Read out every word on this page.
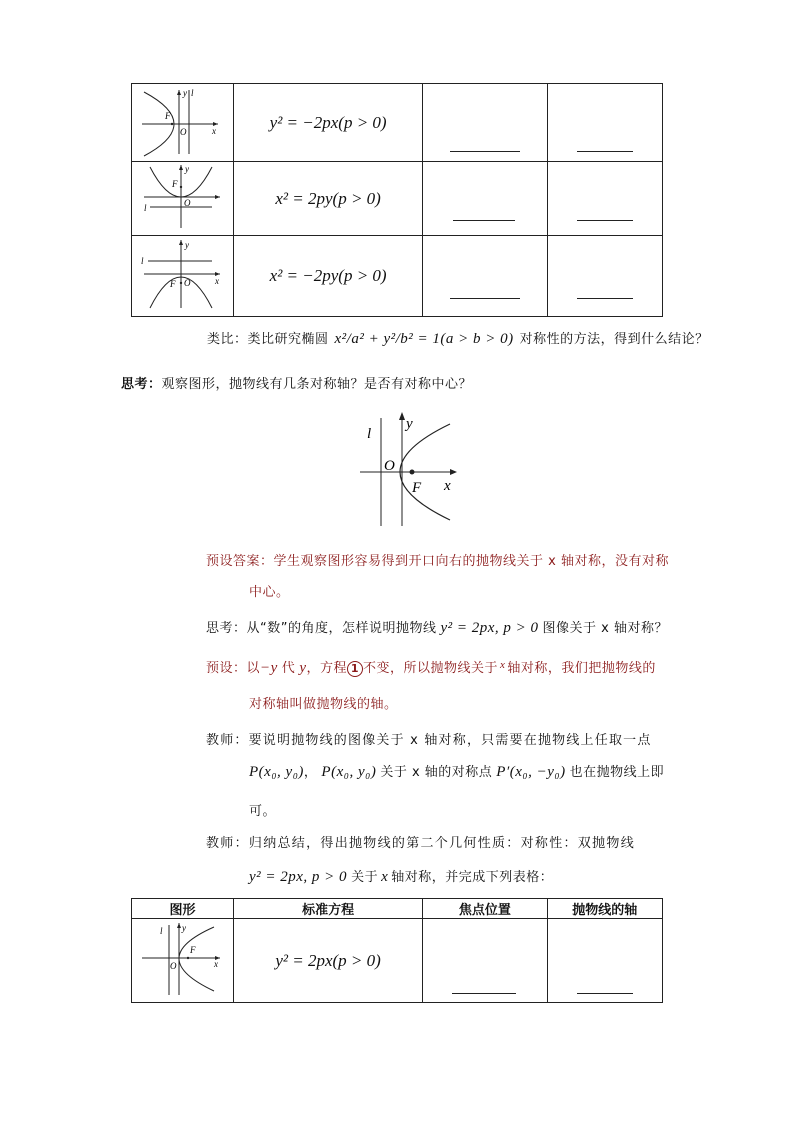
y l
F
O x	y² = −2px(p > 0)		

y
F
O
l	x² = 2py(p > 0)		

y
l
F O x	x² = −2py(p > 0)		
类比：类比研究椭圆 x²/a² + y²/b² = 1(a > b > 0) 对称性的方法，得到什么结论？
思考：观察图形，抛物线有几条对称轴？是否有对称中心？
l
y
O
F x
预设答案：学生观察图形容易得到开口向右的抛物线关于 x 轴对称，没有对称
中心。
思考：从“数”的角度，怎样说明抛物线 y² = 2px, p > 0 图像关于 x 轴对称？
预设：以−y 代 y，方程 1 不变，所以抛物线关于 $^x$ 轴对称，我们把抛物线的
对称轴叫做抛物线的轴。
教师：要说明抛物线的图像关于 x 轴对称，只需要在抛物线上任取一点
P(x₀, y₀)， P(x₀, y₀) 关于 x 轴的对称点 P′(x₀, −y₀) 也在抛物线上即
可。
教师：归纳总结，得出抛物线的第二个几何性质：对称性：双抛物线
y² = 2px, p > 0 关于 x 轴对称，并完成下列表格：
图形	标准方程	焦点位置	抛物线的轴

l y
F
O x	y² = 2px(p > 0)		
